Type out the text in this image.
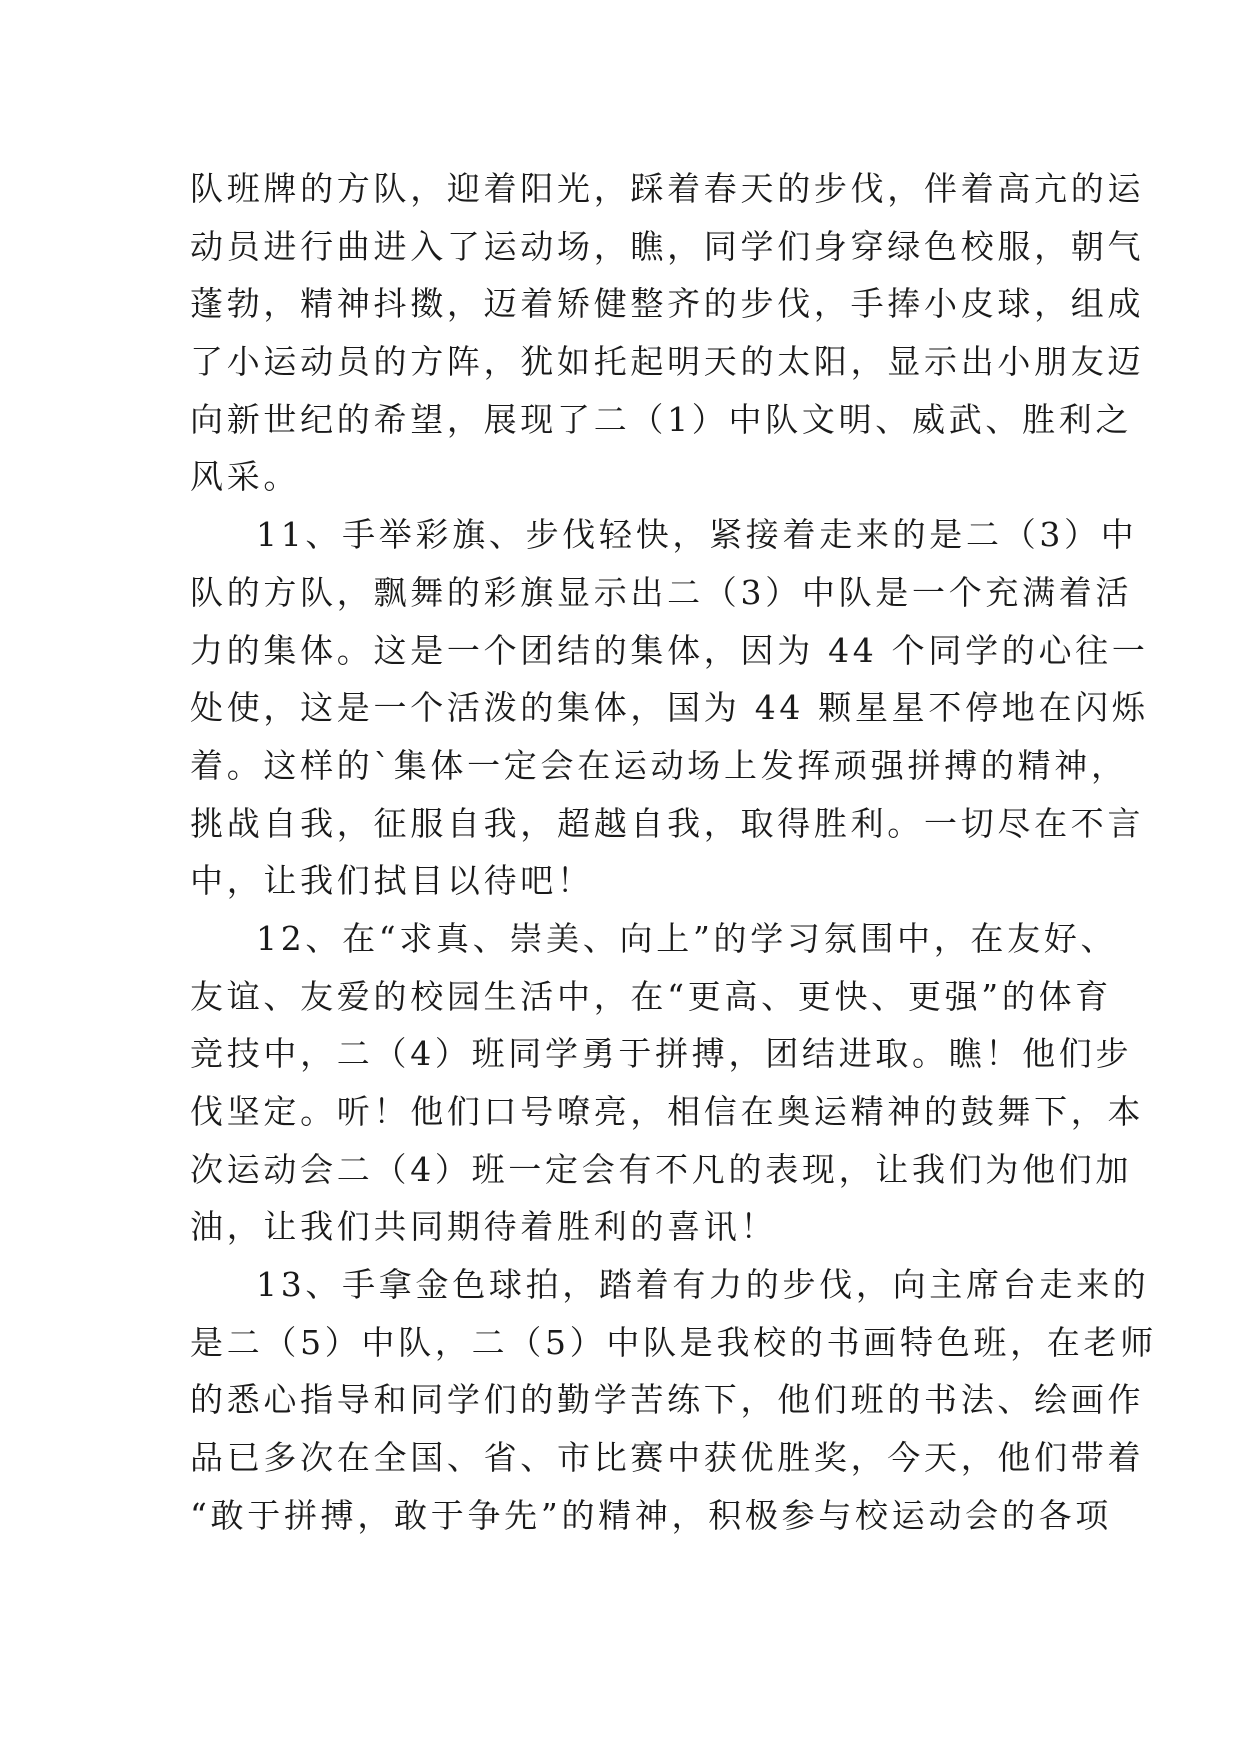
队班牌的方队，迎着阳光，踩着春天的步伐，伴着高亢的运
动员进行曲进入了运动场，瞧，同学们身穿绿色校服，朝气
蓬勃，精神抖擞，迈着矫健整齐的步伐，手捧小皮球，组成
了小运动员的方阵，犹如托起明天的太阳，显示出小朋友迈
向新世纪的希望，展现了二（1）中队文明、威武、胜利之
风采。
11、手举彩旗、步伐轻快，紧接着走来的是二（3）中
队的方队，飘舞的彩旗显示出二（3）中队是一个充满着活
力的集体。这是一个团结的集体，因为 44 个同学的心往一
处使，这是一个活泼的集体，国为 44 颗星星不停地在闪烁
着。这样的`集体一定会在运动场上发挥顽强拼搏的精神，
挑战自我，征服自我，超越自我，取得胜利。一切尽在不言
中，让我们拭目以待吧！
12、在“求真、崇美、向上”的学习氛围中，在友好、
友谊、友爱的校园生活中，在“更高、更快、更强”的体育
竞技中，二（4）班同学勇于拼搏，团结进取。瞧！他们步
伐坚定。听！他们口号嘹亮，相信在奥运精神的鼓舞下，本
次运动会二（4）班一定会有不凡的表现，让我们为他们加
油，让我们共同期待着胜利的喜讯！
13、手拿金色球拍，踏着有力的步伐，向主席台走来的
是二（5）中队，二（5）中队是我校的书画特色班，在老师
的悉心指导和同学们的勤学苦练下，他们班的书法、绘画作
品已多次在全国、省、市比赛中获优胜奖，今天，他们带着
“敢于拼搏，敢于争先”的精神，积极参与校运动会的各项
